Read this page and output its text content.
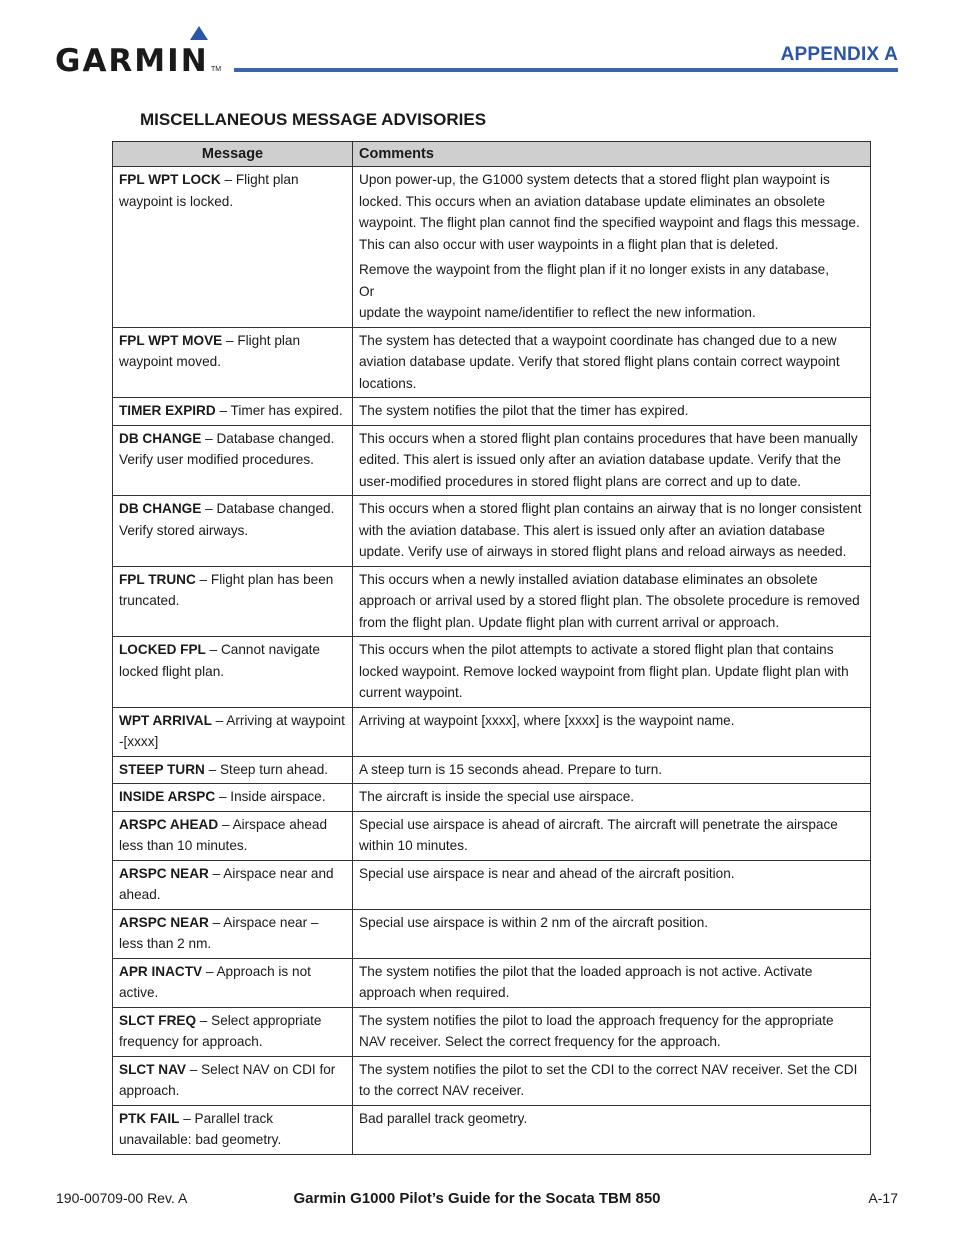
GARMIN TM
APPENDIX A
MISCELLANEOUS MESSAGE ADVISORIES
Message	Comments
FPL WPT LOCK – Flight plan waypoint is locked.	Upon power-up, the G1000 system detects that a stored flight plan waypoint is locked. This occurs when an aviation database update eliminates an obsolete waypoint. The flight plan cannot find the specified waypoint and flags this message. This can also occur with user waypoints in a flight plan that is deleted.
Remove the waypoint from the flight plan if it no longer exists in any database,
Or
update the waypoint name/identifier to reflect the new information.

FPL WPT MOVE – Flight plan waypoint moved.	The system has detected that a waypoint coordinate has changed due to a new aviation database update. Verify that stored flight plans contain correct waypoint locations.

TIMER EXPIRD – Timer has expired.	The system notifies the pilot that the timer has expired.

DB CHANGE – Database changed. Verify user modified procedures.	This occurs when a stored flight plan contains procedures that have been manually edited. This alert is issued only after an aviation database update. Verify that the user-modified procedures in stored flight plans are correct and up to date.

DB CHANGE – Database changed. Verify stored airways.	This occurs when a stored flight plan contains an airway that is no longer consistent with the aviation database. This alert is issued only after an aviation database update. Verify use of airways in stored flight plans and reload airways as needed.

FPL TRUNC – Flight plan has been truncated.	This occurs when a newly installed aviation database eliminates an obsolete approach or arrival used by a stored flight plan. The obsolete procedure is removed from the flight plan. Update flight plan with current arrival or approach.

LOCKED FPL – Cannot navigate locked flight plan.	This occurs when the pilot attempts to activate a stored flight plan that contains locked waypoint. Remove locked waypoint from flight plan. Update flight plan with current waypoint.

WPT ARRIVAL – Arriving at waypoint -[xxxx]	Arriving at waypoint [xxxx], where [xxxx] is the waypoint name.

STEEP TURN – Steep turn ahead.	A steep turn is 15 seconds ahead. Prepare to turn.

INSIDE ARSPC – Inside airspace.	The aircraft is inside the special use airspace.

ARSPC AHEAD – Airspace ahead less than 10 minutes.	Special use airspace is ahead of aircraft. The aircraft will penetrate the airspace within 10 minutes.

ARSPC NEAR – Airspace near and ahead.	Special use airspace is near and ahead of the aircraft position.

ARSPC NEAR – Airspace near – less than 2 nm.	Special use airspace is within 2 nm of the aircraft position.

APR INACTV – Approach is not active.	The system notifies the pilot that the loaded approach is not active. Activate approach when required.

SLCT FREQ – Select appropriate frequency for approach.	The system notifies the pilot to load the approach frequency for the appropriate NAV receiver. Select the correct frequency for the approach.

SLCT NAV – Select NAV on CDI for approach.	The system notifies the pilot to set the CDI to the correct NAV receiver. Set the CDI to the correct NAV receiver.

PTK FAIL – Parallel track unavailable: bad geometry.	Bad parallel track geometry.
190-00709-00 Rev. A	Garmin G1000 Pilot’s Guide for the Socata TBM 850	A-17
